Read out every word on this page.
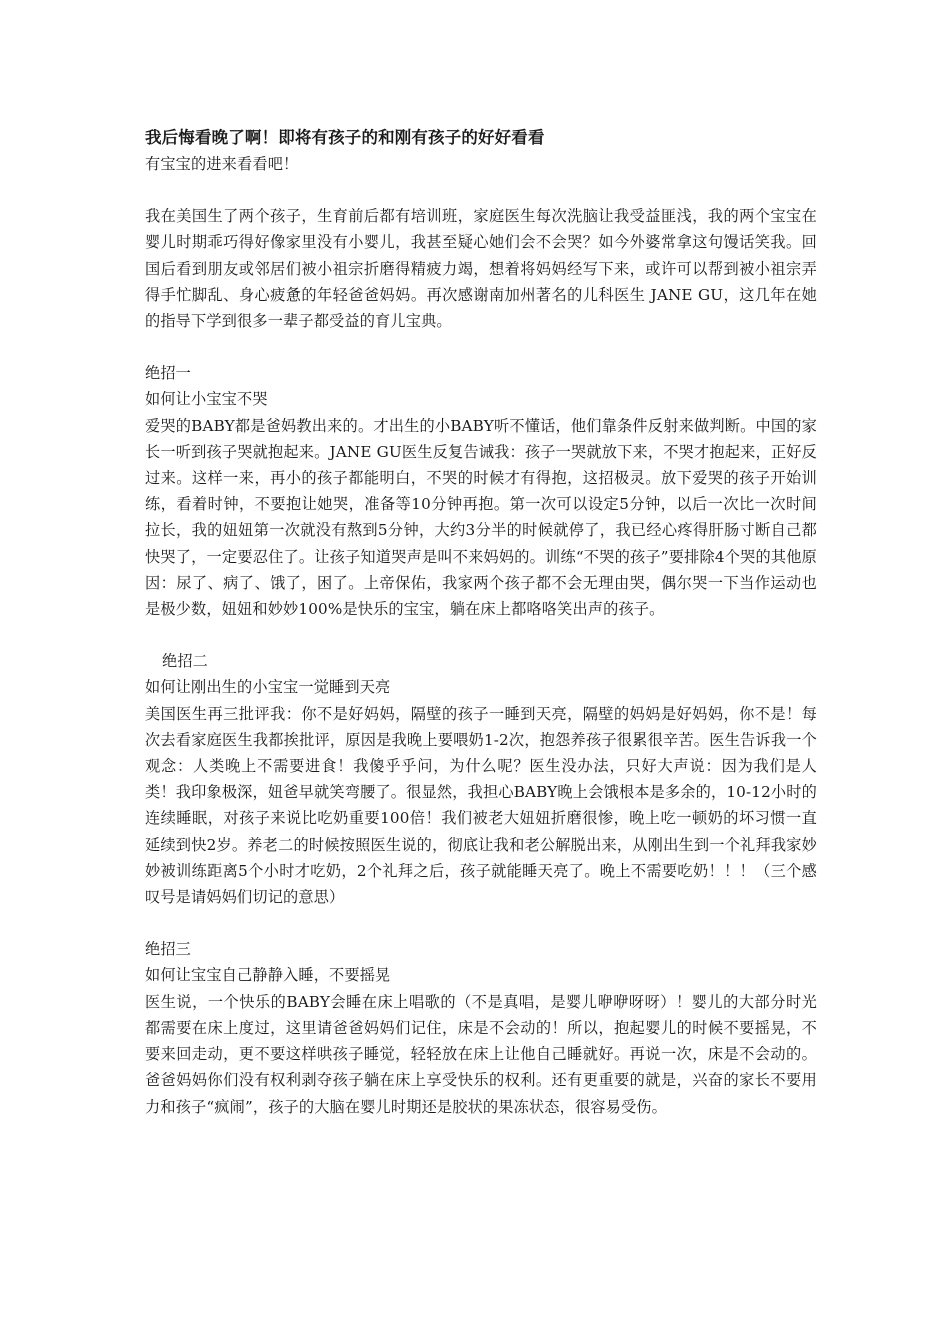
我后悔看晚了啊！即将有孩子的和刚有孩子的好好看看

有宝宝的进来看看吧！

我在美国生了两个孩子，生育前后都有培训班，家庭医生每次洗脑让我受益匪浅，我的两个宝宝在婴儿时期乖巧得好像家里没有小婴儿，我甚至疑心她们会不会哭？如今外婆常拿这句馒话笑我。回国后看到朋友或邻居们被小祖宗折磨得精疲力竭，想着将妈妈经写下来，或许可以帮到被小祖宗弄得手忙脚乱、身心疲惫的年轻爸爸妈妈。再次感谢南加州著名的儿科医生 JANE GU，这几年在她的指导下学到很多一辈子都受益的育儿宝典。

绝招一

如何让小宝宝不哭

爱哭的BABY都是爸妈教出来的。才出生的小BABY听不懂话，他们靠条件反射来做判断。中国的家长一听到孩子哭就抱起来。JANE GU医生反复告诫我：孩子一哭就放下来，不哭才抱起来，正好反过来。这样一来，再小的孩子都能明白，不哭的时候才有得抱，这招极灵。放下爱哭的孩子开始训练，看着时钟，不要抱让她哭，准备等10分钟再抱。第一次可以设定5分钟，以后一次比一次时间拉长，我的妞妞第一次就没有熬到5分钟，大约3分半的时候就停了，我已经心疼得肝肠寸断自己都快哭了，一定要忍住了。让孩子知道哭声是叫不来妈妈的。训练“不哭的孩子”要排除4个哭的其他原因：尿了、病了、饿了，困了。上帝保佑，我家两个孩子都不会无理由哭，偶尔哭一下当作运动也是极少数，妞妞和妙妙100%是快乐的宝宝，躺在床上都咯咯笑出声的孩子。

绝招二

如何让刚出生的小宝宝一觉睡到天亮

美国医生再三批评我：你不是好妈妈，隔壁的孩子一睡到天亮，隔壁的妈妈是好妈妈，你不是！每次去看家庭医生我都挨批评，原因是我晚上要喂奶1-2次，抱怨养孩子很累很辛苦。医生告诉我一个观念：人类晚上不需要进食！我傻乎乎问，为什么呢？医生没办法，只好大声说：因为我们是人类！我印象极深，妞爸早就笑弯腰了。很显然，我担心BABY晚上会饿根本是多余的，10-12小时的连续睡眠，对孩子来说比吃奶重要100倍！我们被老大妞妞折磨很惨，晚上吃一顿奶的坏习惯一直延续到快2岁。养老二的时候按照医生说的，彻底让我和老公解脱出来，从刚出生到一个礼拜我家妙妙被训练距离5个小时才吃奶，2个礼拜之后，孩子就能睡天亮了。晚上不需要吃奶！！！（三个感叹号是请妈妈们切记的意思）

绝招三

如何让宝宝自己静静入睡，不要摇晃

医生说，一个快乐的BABY会睡在床上唱歌的（不是真唱，是婴儿咿咿呀呀）！婴儿的大部分时光都需要在床上度过，这里请爸爸妈妈们记住，床是不会动的！所以，抱起婴儿的时候不要摇晃，不要来回走动，更不要这样哄孩子睡觉，轻轻放在床上让他自己睡就好。再说一次，床是不会动的。爸爸妈妈你们没有权利剥夺孩子躺在床上享受快乐的权利。还有更重要的就是，兴奋的家长不要用力和孩子“疯闹”，孩子的大脑在婴儿时期还是胶状的果冻状态，很容易受伤。
